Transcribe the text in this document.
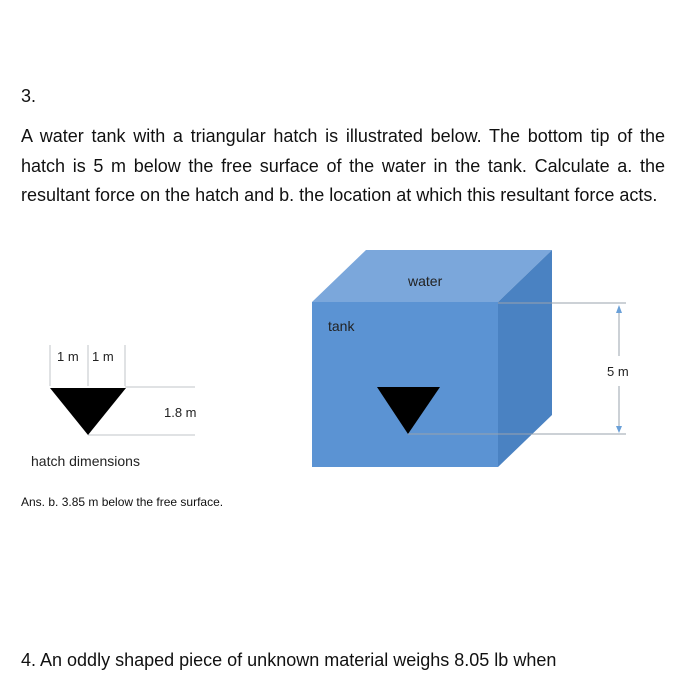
3.

A water tank with a triangular hatch is illustrated below. The bottom tip of the hatch is 5 m below the free surface of the water in the tank. Calculate a. the resultant force on the hatch and b. the location at which this resultant force acts.

1 m 1 m
1.8 m
hatch dimensions
water
tank
5 m
Ans. b. 3.85 m below the free surface.
4. An oddly shaped piece of unknown material weighs 8.05 lb when
